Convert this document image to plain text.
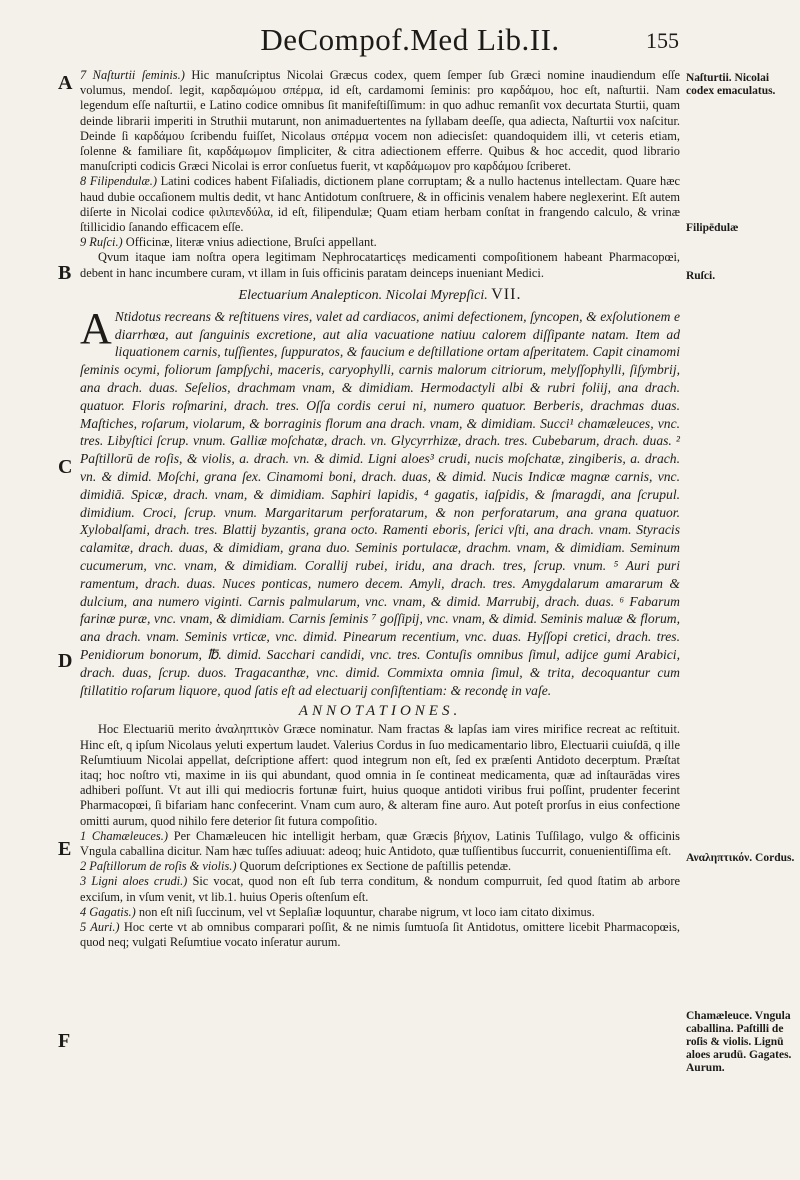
DeCompof.Med Lib.II.	155
A
B
C
D
E
F

7 Naſturtii ſeminis.) Hic manuſcriptus Nicolai Græcus codex, quem ſemper ſub Græci nomine inaudiendum eſſe volumus, mendoſ. legit, καρδαμώμου σπέρμα, id eſt, cardamomi ſeminis: pro καρδάμου, hoc eſt, naſturtii. Nam legendum eſſe naſturtii, e Latino codice omnibus ſit manifeſtiſſimum: in quo adhuc remanſit vox decurtata Sturtii, quam deinde librarii imperiti in Struthii mutarunt, non animaduertentes na ſyllabam deeſſe, qua adiecta, Naſturtii vox naſcitur. Deinde ſi καρδάμου ſcribendu fuiſſet, Nicolaus σπέρμα vocem non adiecisſet: quandoquidem illi, vt ceteris etiam, ſolenne & familiare ſit, καρδάμωμον ſimpliciter, & citra adiectionem efferre. Quibus & hoc accedit, quod librario manuſcripti codicis Græci Nicolai is error conſuetus fuerit, vt καρδάμωμον pro καρδάμου ſcriberet.

8 Filipendulæ.) Latini codices habent Fiſaliadis, dictionem plane corruptam; & a nullo hactenus intellectam. Quare hæc haud dubie occaſionem multis dedit, vt hanc Antidotum conſtruere, & in officinis venalem habere neglexerint. Eſt autem diſerte in Nicolai codice φιλιπενδύλα, id eſt, filipendulæ; Quam etiam herbam conſtat in frangendo calculo, & vrinæ ſtillicidio ſanando efficacem eſſe.

9 Ruſci.) Officinæ, literæ vnius adiectione, Bruſci appellant.

Qvum itaque iam noſtra opera legitimam Nephrocatarticęs medicamenti compoſitionem habeant Pharmacopœi, debent in hanc incumbere curam, vt illam in ſuis officinis paratam deinceps inueniant Medici.

Electuarium Analepticon. Nicolai Myrepſici. VII.

A Ntidotus recreans & reſtituens vires, valet ad cardiacos, animi defectionem, ſyncopen, & exſolutionem e diarrhœa, aut ſanguinis excretione, aut alia vacuatione natiuu calorem diſſipante natam. Item ad liquationem carnis, tuſſientes, ſuppuratos, & faucium e deſtillatione ortam aſperitatem. Capit cinamomi ſeminis ocymi, foliorum ſampſychi, maceris, caryophylli, carnis malorum citriorum, melyſſophylli, ſiſymbrij, ana drach. duas. Seſelios, drachmam vnam, & dimidiam. Hermodactyli albi & rubri foliij, ana drach. quatuor. Floris roſmarini, drach. tres. Oſſa cordis cerui ni, numero quatuor. Berberis, drachmas duas. Maſtiches, roſarum, violarum, & borraginis florum ana drach. vnam, & dimidiam. Succi¹ chamæleuces, vnc. tres. Libyſtici ſcrup. vnum. Galliæ moſchatæ, drach. vn. Glycyrrhizæ, drach. tres. Cubebarum, drach. duas. ² Paſtillorū de roſis, & violis, a. drach. vn. & dimid. Ligni aloes³ crudi, nucis moſchatæ, zingiberis, a. drach. vn. & dimid. Moſchi, grana ſex. Cinamomi boni, drach. duas, & dimid. Nucis Indicæ magnæ carnis, vnc. dimidiā. Spicæ, drach. vnam, & dimidiam. Saphiri lapidis, ⁴ gagatis, iaſpidis, & ſmaragdi, ana ſcrupul. dimidium. Croci, ſcrup. vnum. Margaritarum perforatarum, & non perforatarum, ana grana quatuor. Xylobalſami, drach. tres. Blattij byzantis, grana octo. Ramenti eboris, ſerici vſti, ana drach. vnam. Styracis calamitæ, drach. duas, & dimidiam, grana duo. Seminis portulacæ, drachm. vnam, & dimidiam. Seminum cucumerum, vnc. vnam, & dimidiam. Corallij rubei, iridu, ana drach. tres, ſcrup. vnum. ⁵ Auri puri ramentum, drach. duas. Nuces ponticas, numero decem. Amyli, drach. tres. Amygdalarum amararum & dulcium, ana numero viginti. Carnis palmularum, vnc. vnam, & dimid. Marrubij, drach. duas. ⁶ Fabarum farinæ puræ, vnc. vnam, & dimidiam. Carnis ſeminis ⁷ goſſipij, vnc. vnam, & dimid. Seminis maluæ & florum, ana drach. vnam. Seminis vrticæ, vnc. dimid. Pinearum recentium, vnc. duas. Hyſſopi cretici, drach. tres. Penidiorum bonorum, ℔. dimid. Sacchari candidi, vnc. tres. Contuſis omnibus ſimul, adijce gumi Arabici, drach. duas, ſcrup. duos. Tragacanthæ, vnc. dimid. Commixta omnia ſimul, & trita, decoquantur cum ſtillatitio roſarum liquore, quod ſatis eſt ad electuarij conſiſtentiam: & recondę in vaſe.

ANNOTATIONES.

Hoc Electuariū merito ἀναληπτικὸν Græce nominatur. Nam fractas & lapſas iam vires mirifice recreat ac reſtituit. Hinc eſt, q ipſum Nicolaus yeluti expertum laudet. Valerius Cordus in ſuo medicamentario libro, Electuarii cuiuſdā, q ille Reſumtiuum Nicolai appellat, deſcriptione affert: quod integrum non eſt, ſed ex præſenti Antidoto decerptum. Præſtat itaq; hoc noſtro vti, maxime in iis qui abundant, quod omnia in ſe contineat medicamenta, quæ ad inſtaurādas vires adhiberi poſſunt. Vt aut illi qui mediocris fortunæ fuirt, huius quoque antidoti viribus frui poſſint, prudenter fecerint Pharmacopœi, ſi bifariam hanc confecerint. Vnam cum auro, & alteram fine auro. Aut poteſt prorſus in eius confectione omitti aurum, quod nihilo fere deterior ſit futura compoſitio.

1 Chamæleuces.) Per Chamæleucen hic intelligit herbam, quæ Græcis βήχιον, Latinis Tuſſilago, vulgo & officinis Vngula caballina dicitur. Nam hæc tuſſes adiuuat: adeoq; huic Antidoto, quæ tuſſientibus ſuccurrit, conuenientiſſima eſt.

2 Paſtillorum de roſis & violis.) Quorum deſcriptiones ex Sectione de paſtillis petendæ.

3 Ligni aloes crudi.) Sic vocat, quod non eſt ſub terra conditum, & nondum compurruit, ſed quod ſtatim ab arbore exciſum, in vſum venit, vt lib.1. huius Operis oſtenſum eſt.

4 Gagatis.) non eſt niſi ſuccinum, vel vt Seplaſiæ loquuntur, charabe nigrum, vt loco iam citato diximus.

5 Auri.) Hoc certe vt ab omnibus comparari poſſit, & ne nimis ſumtuoſa ſit Antidotus, omittere licebit Pharmacopœis, quod neq; vulgati Reſumtiue vocato inſeratur aurum.

Naſturtii. Nicolai codex emaculatus.
Filipēdulæ
Ruſci.
Αναληπτικόν. Cordus.
Chamæleuce. Vngula caballina. Paſtilli de roſis & violis. Lignū aloes arudū. Gagates. Aurum.
